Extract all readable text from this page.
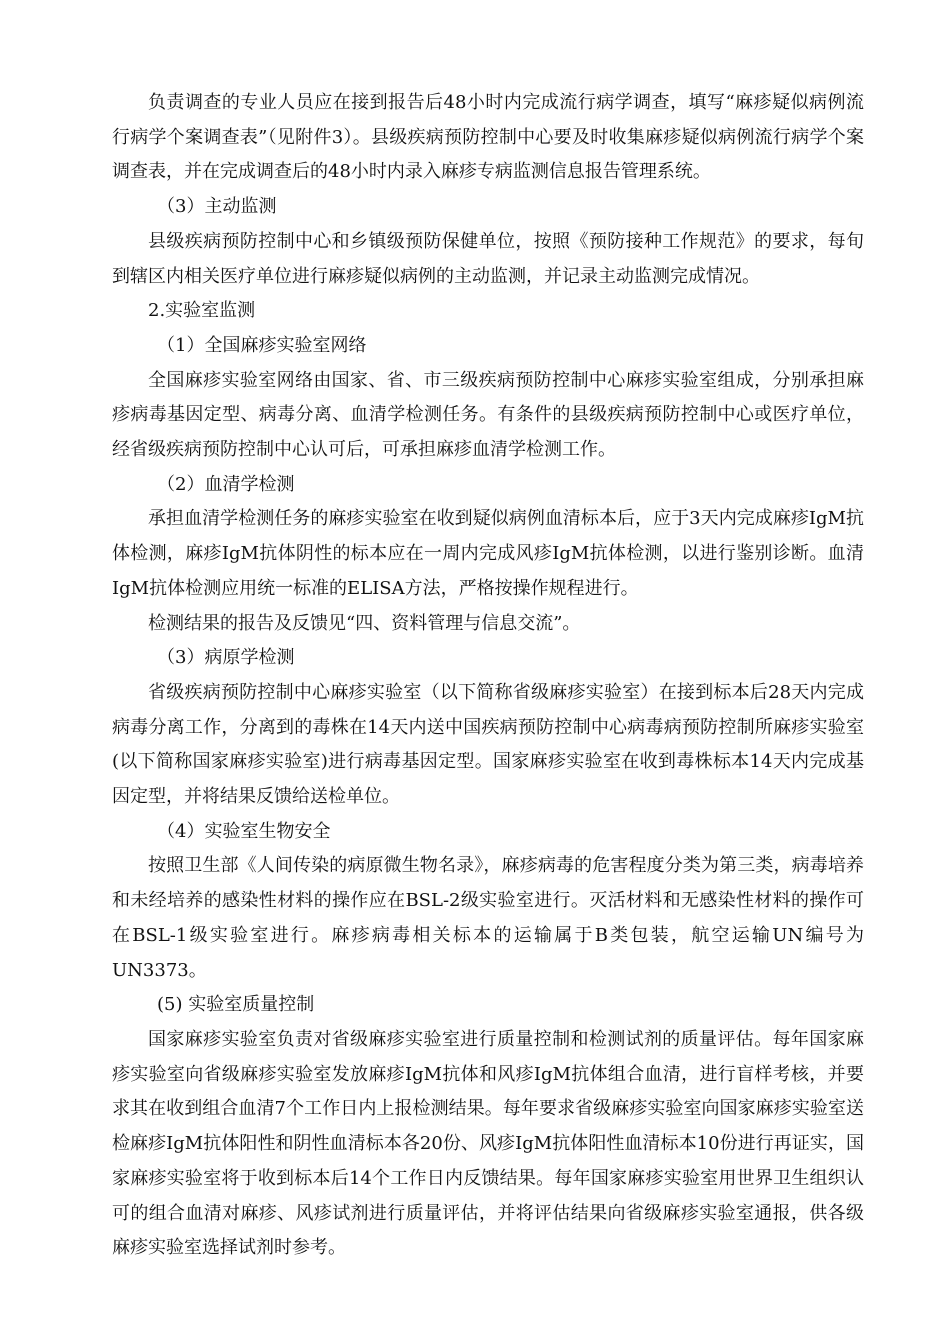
负责调查的专业人员应在接到报告后48小时内完成流行病学调查，填写“麻疹疑似病例流行病学个案调查表”（见附件3）。县级疾病预防控制中心要及时收集麻疹疑似病例流行病学个案调查表，并在完成调查后的48小时内录入麻疹专病监测信息报告管理系统。

（3）主动监测

县级疾病预防控制中心和乡镇级预防保健单位，按照《预防接种工作规范》的要求，每旬到辖区内相关医疗单位进行麻疹疑似病例的主动监测，并记录主动监测完成情况。

2.实验室监测

（1）全国麻疹实验室网络

全国麻疹实验室网络由国家、省、市三级疾病预防控制中心麻疹实验室组成，分别承担麻疹病毒基因定型、病毒分离、血清学检测任务。有条件的县级疾病预防控制中心或医疗单位，经省级疾病预防控制中心认可后，可承担麻疹血清学检测工作。

（2）血清学检测

承担血清学检测任务的麻疹实验室在收到疑似病例血清标本后，应于3天内完成麻疹IgM抗体检测，麻疹IgM抗体阴性的标本应在一周内完成风疹IgM抗体检测，以进行鉴别诊断。血清IgM抗体检测应用统一标准的ELISA方法，严格按操作规程进行。

检测结果的报告及反馈见“四、资料管理与信息交流”。

（3）病原学检测

省级疾病预防控制中心麻疹实验室（以下简称省级麻疹实验室）在接到标本后28天内完成病毒分离工作，分离到的毒株在14天内送中国疾病预防控制中心病毒病预防控制所麻疹实验室(以下简称国家麻疹实验室)进行病毒基因定型。国家麻疹实验室在收到毒株标本14天内完成基因定型，并将结果反馈给送检单位。

（4）实验室生物安全

按照卫生部《人间传染的病原微生物名录》，麻疹病毒的危害程度分类为第三类，病毒培养和未经培养的感染性材料的操作应在BSL-2级实验室进行。灭活材料和无感染性材料的操作可在BSL-1级实验室进行。麻疹病毒相关标本的运输属于B类包装，航空运输UN编号为UN3373。

(5) 实验室质量控制

国家麻疹实验室负责对省级麻疹实验室进行质量控制和检测试剂的质量评估。每年国家麻疹实验室向省级麻疹实验室发放麻疹IgM抗体和风疹IgM抗体组合血清，进行盲样考核，并要求其在收到组合血清7个工作日内上报检测结果。每年要求省级麻疹实验室向国家麻疹实验室送检麻疹IgM抗体阳性和阴性血清标本各20份、风疹IgM抗体阳性血清标本10份进行再证实，国家麻疹实验室将于收到标本后14个工作日内反馈结果。每年国家麻疹实验室用世界卫生组织认可的组合血清对麻疹、风疹试剂进行质量评估，并将评估结果向省级麻疹实验室通报，供各级麻疹实验室选择试剂时参考。
